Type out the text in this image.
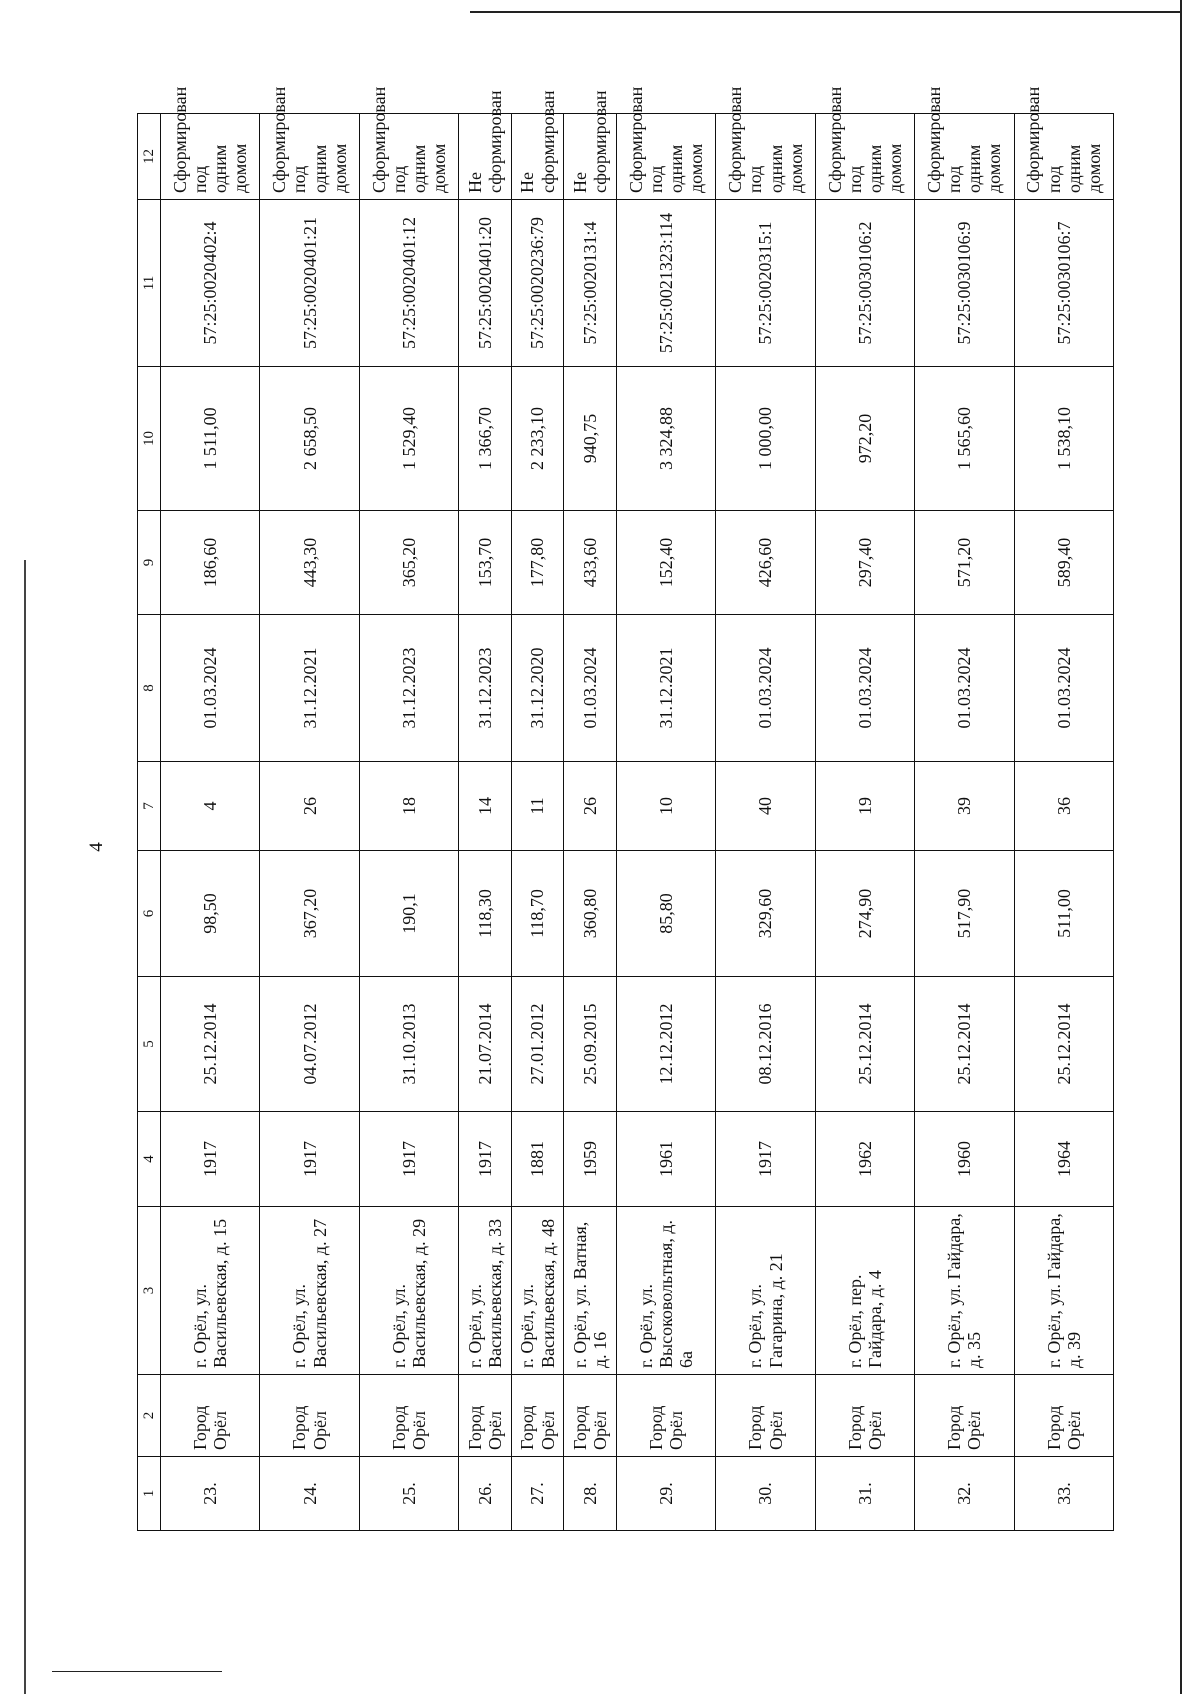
4
1	2	3	4	5	6	7	8	9	10	11	12
23.	Город Орёл	г. Орёл, ул. Васильевская, д. 15	1917	25.12.2014	98,50	4	01.03.2024	186,60	1 511,00	57:25:0020402:4	Сформирован под одним домом
24.	Город Орёл	г. Орёл, ул. Васильевская, д. 27	1917	04.07.2012	367,20	26	31.12.2021	443,30	2 658,50	57:25:0020401:21	Сформирован под одним домом
25.	Город Орёл	г. Орёл, ул. Васильевская, д. 29	1917	31.10.2013	190,1	18	31.12.2023	365,20	1 529,40	57:25:0020401:12	Сформирован под одним домом
26.	Город Орёл	г. Орёл, ул. Васильевская, д. 33	1917	21.07.2014	118,30	14	31.12.2023	153,70	1 366,70	57:25:0020401:20	Не сформирован
27.	Город Орёл	г. Орёл, ул. Васильевская, д. 48	1881	27.01.2012	118,70	11	31.12.2020	177,80	2 233,10	57:25:0020236:79	Не сформирован
28.	Город Орёл	г. Орёл, ул. Ватная, д. 16	1959	25.09.2015	360,80	26	01.03.2024	433,60	940,75	57:25:0020131:4	Не сформирован
29.	Город Орёл	г. Орёл, ул. Высоковольтная, д. 6а	1961	12.12.2012	85,80	10	31.12.2021	152,40	3 324,88	57:25:0021323:114	Сформирован под одним домом
30.	Город Орёл	г. Орёл, ул. Гагарина, д. 21	1917	08.12.2016	329,60	40	01.03.2024	426,60	1 000,00	57:25:0020315:1	Сформирован под одним домом
31.	Город Орёл	г. Орёл, пер. Гайдара, д. 4	1962	25.12.2014	274,90	19	01.03.2024	297,40	972,20	57:25:0030106:2	Сформирован под одним домом
32.	Город Орёл	г. Орёл, ул. Гайдара, д. 35	1960	25.12.2014	517,90	39	01.03.2024	571,20	1 565,60	57:25:0030106:9	Сформирован под одним домом
33.	Город Орёл	г. Орёл, ул. Гайдара, д. 39	1964	25.12.2014	511,00	36	01.03.2024	589,40	1 538,10	57:25:0030106:7	Сформирован под одним домом
